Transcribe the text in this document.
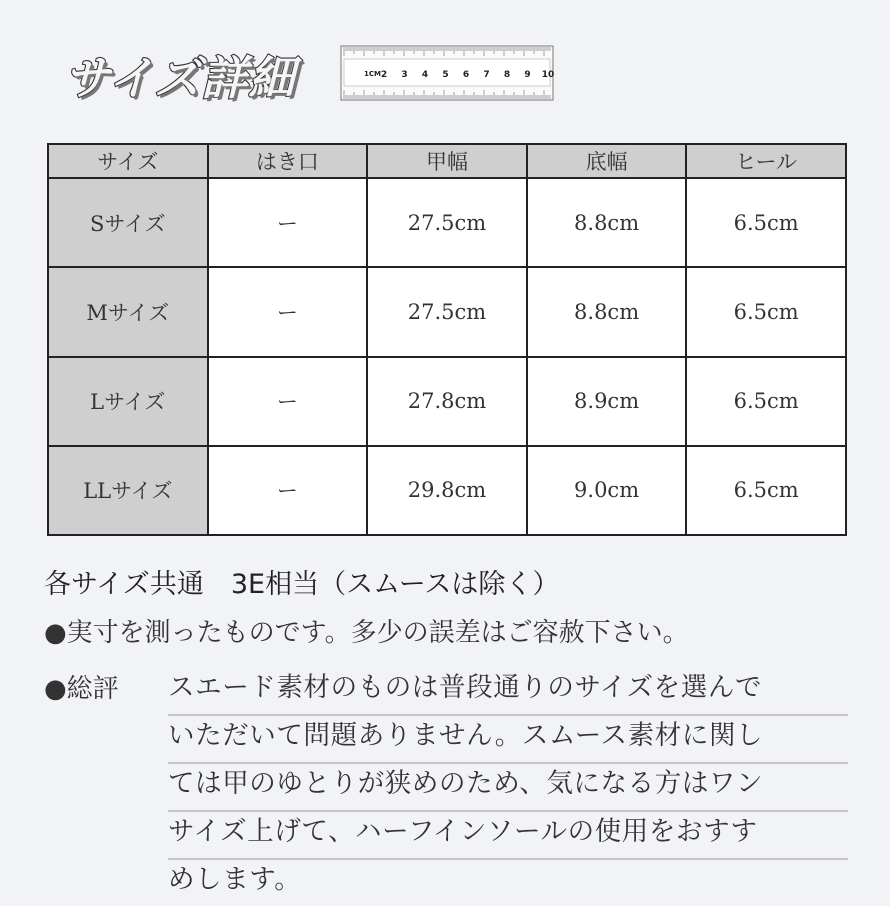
サイズ詳細	1CM 2 3 4 5 6 7 8 9 10
サイズ	はき口	甲幅	底幅	ヒール
Sサイズ	ー	27.5cm	8.8cm	6.5cm
Mサイズ	ー	27.5cm	8.8cm	6.5cm
Lサイズ	ー	27.8cm	8.9cm	6.5cm
LLサイズ	ー	29.8cm	9.0cm	6.5cm
各サイズ共通　3E相当（スムースは除く）
●実寸を測ったものです。多少の誤差はご容赦下さい。
●総評 スエード素材のものは普段通りのサイズを選んで
いただいて問題ありません。スムース素材に関し
ては甲のゆとりが狭めのため、気になる方はワン
サイズ上げて、ハーフインソールの使用をおすす
めします。
